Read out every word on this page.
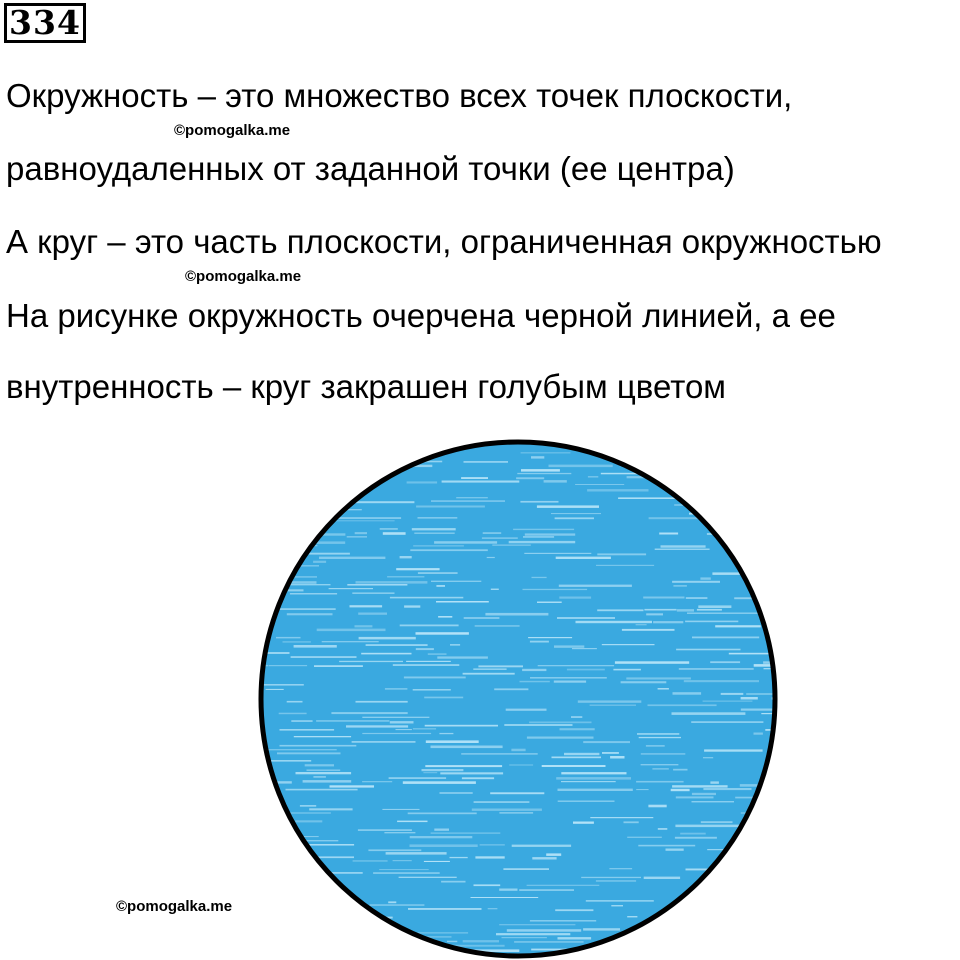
334
Окружность – это множество всех точек плоскости,
©pomogalka.me
равноудаленных от заданной точки (ее центра)
А круг – это часть плоскости, ограниченная окружностью
©pomogalka.me
На рисунке окружность очерчена черной линией, а ее
внутренность – круг закрашен голубым цветом
©pomogalka.me
